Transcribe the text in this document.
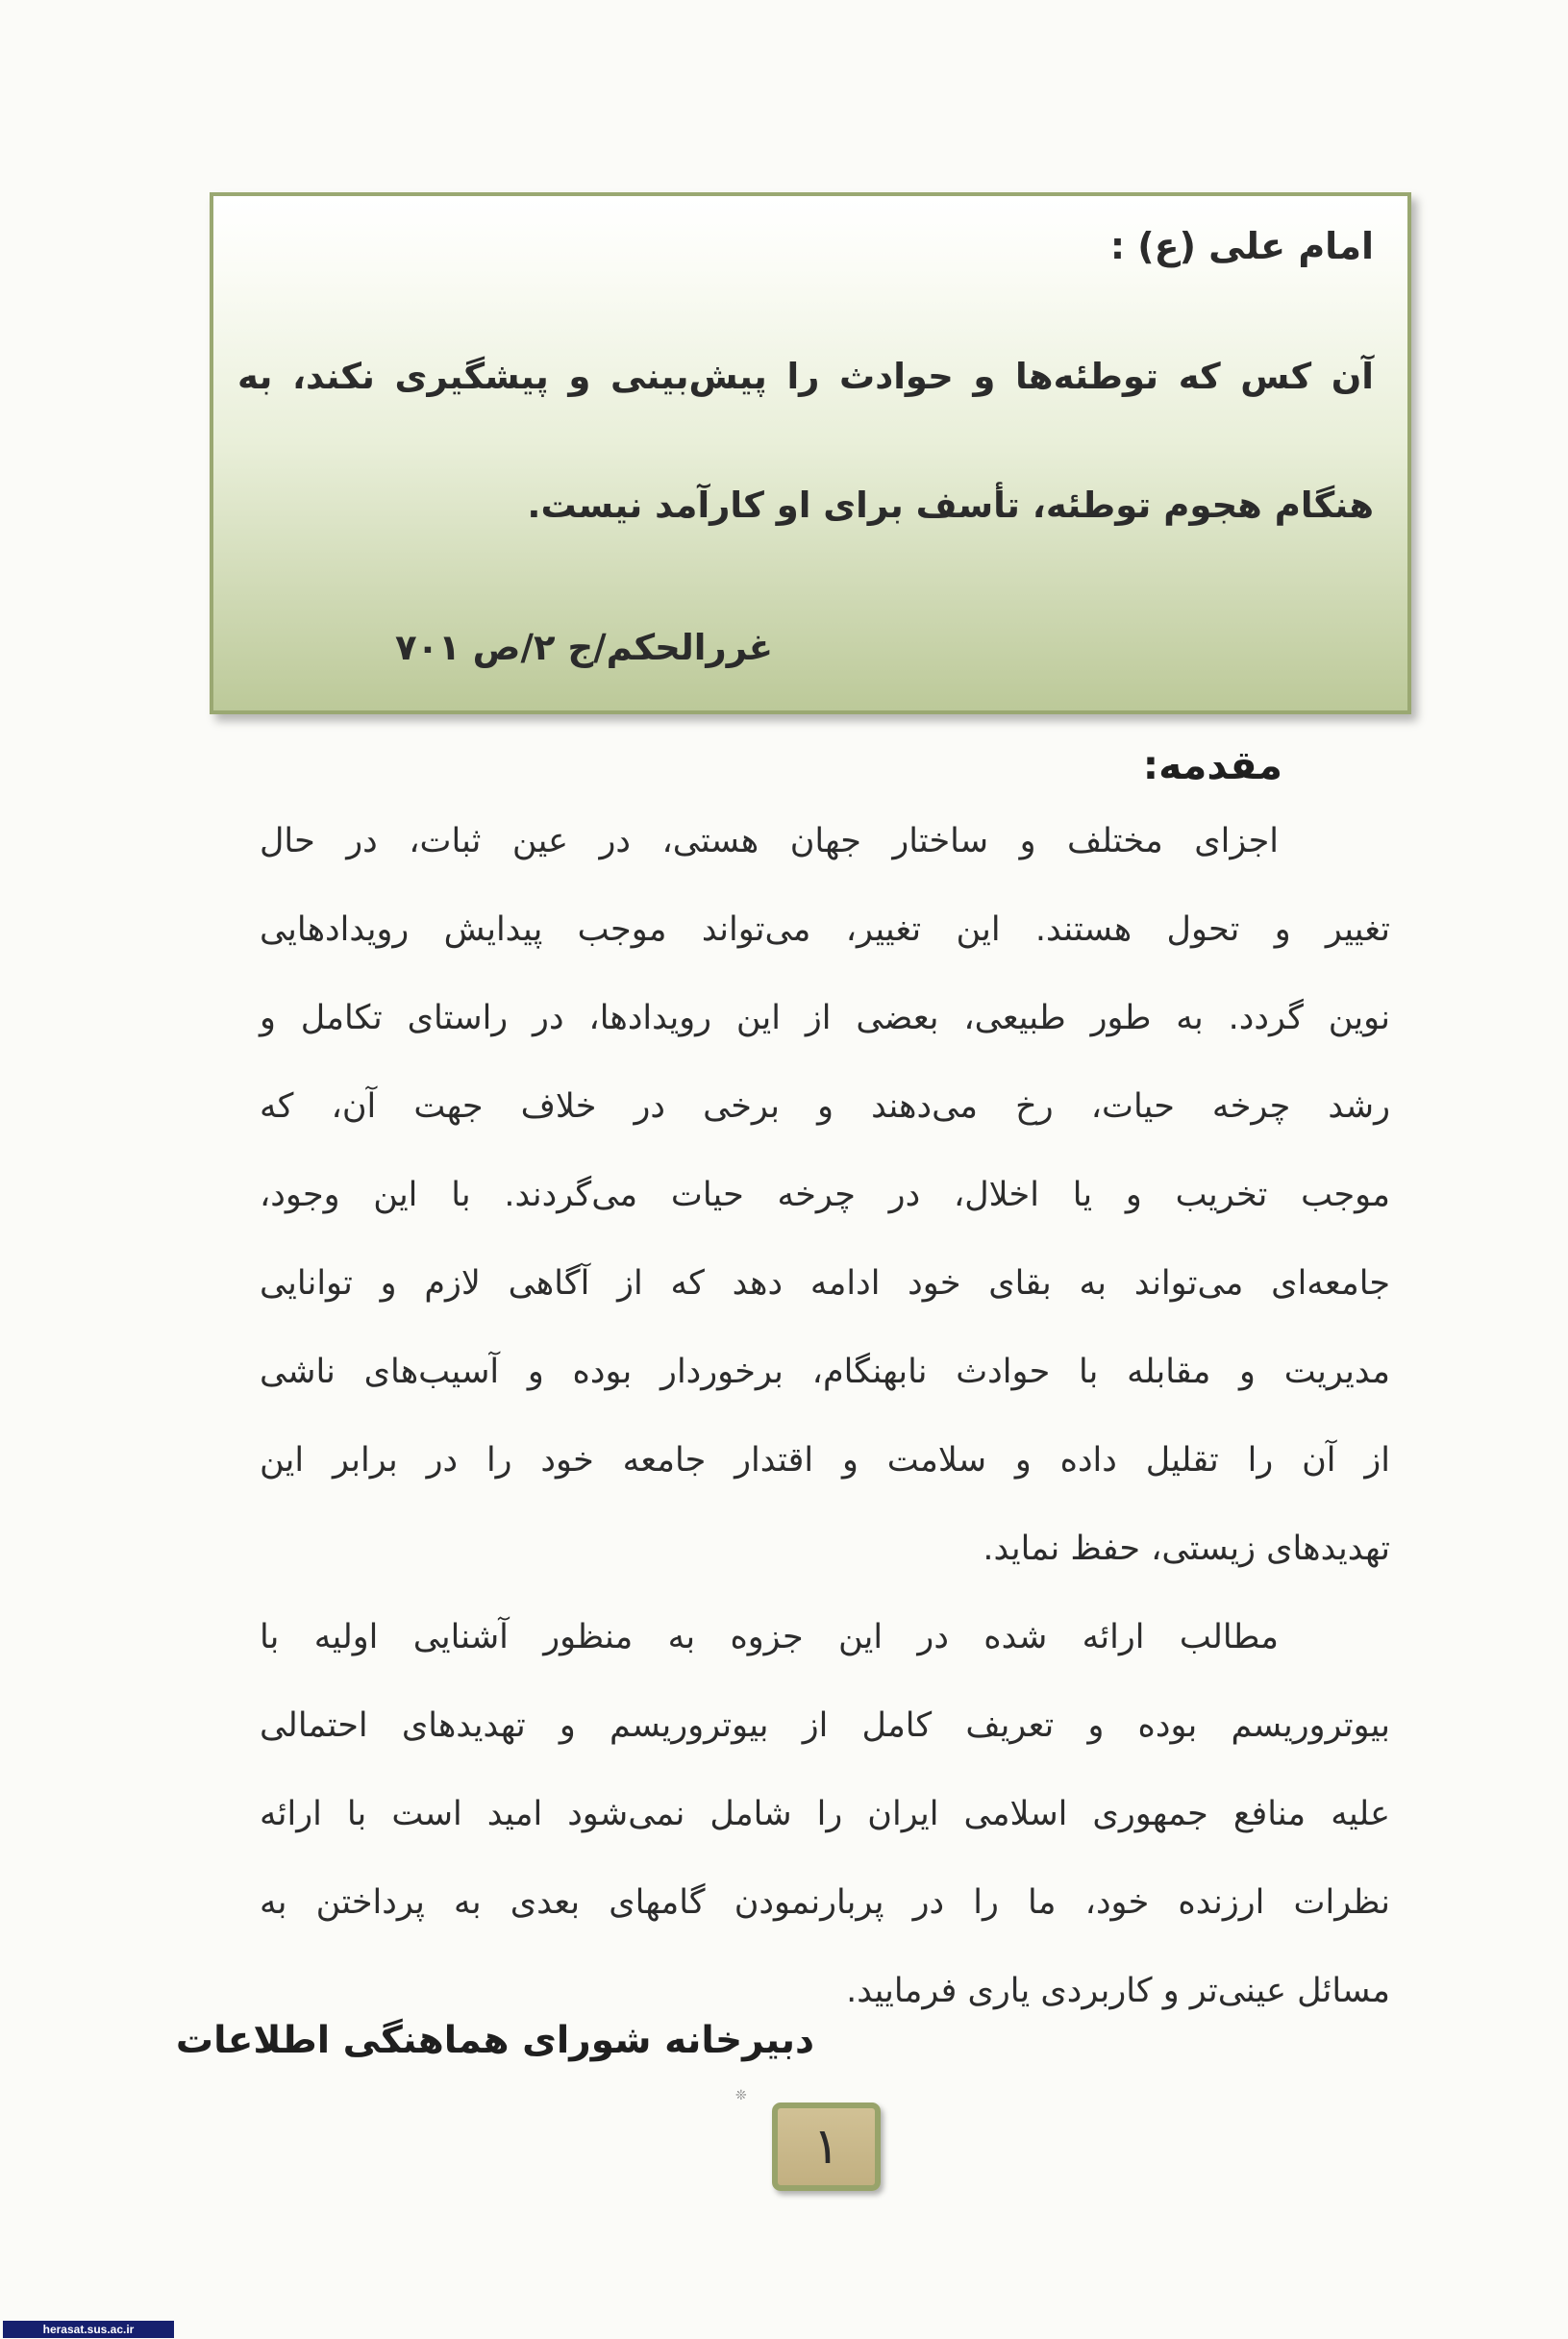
امام علی (ع) :
آن کس که توطئه‌ها و حوادث را پیش‌بینی و پیشگیری نکند، به
هنگام هجوم توطئه، تأسف برای او کارآمد نیست.
غررالحکم/ج ۲/ص ۷۰۱
مقدمه:
اجزای مختلف و ساختار جهان هستی، در عین ثبات، در حال
تغییر و تحول هستند. این تغییر، می‌تواند موجب پیدایش رویدادهایی
نوین گردد. به طور طبیعی، بعضی از این رویدادها، در راستای تکامل و
رشد چرخه حیات، رخ می‌دهند و برخی در خلاف جهت آن، که
موجب تخریب و یا اخلال، در چرخه حیات می‌گردند. با این وجود،
جامعه‌ای می‌تواند به بقای خود ادامه دهد که از آگاهی لازم و توانایی
مدیریت و مقابله با حوادث نابهنگام، برخوردار بوده و آسیب‌های ناشی
از آن را تقلیل داده و سلامت و اقتدار جامعه خود را در برابر این
تهدیدهای زیستی، حفظ نماید.
مطالب ارائه شده در این جزوه به منظور آشنایی اولیه با
بیوتروریسم بوده و تعریف کامل از بیوتروریسم و تهدیدهای احتمالی
علیه منافع جمهوری اسلامی ایران را شامل نمی‌شود امید است با ارائه
نظرات ارزنده خود، ما را در پربارنمودن گامهای بعدی به پرداختن به
مسائل عینی‌تر و کاربردی یاری فرمایید.
دبیرخانه شورای هماهنگی اطلاعات
❊
۱
herasat.sus.ac.ir
